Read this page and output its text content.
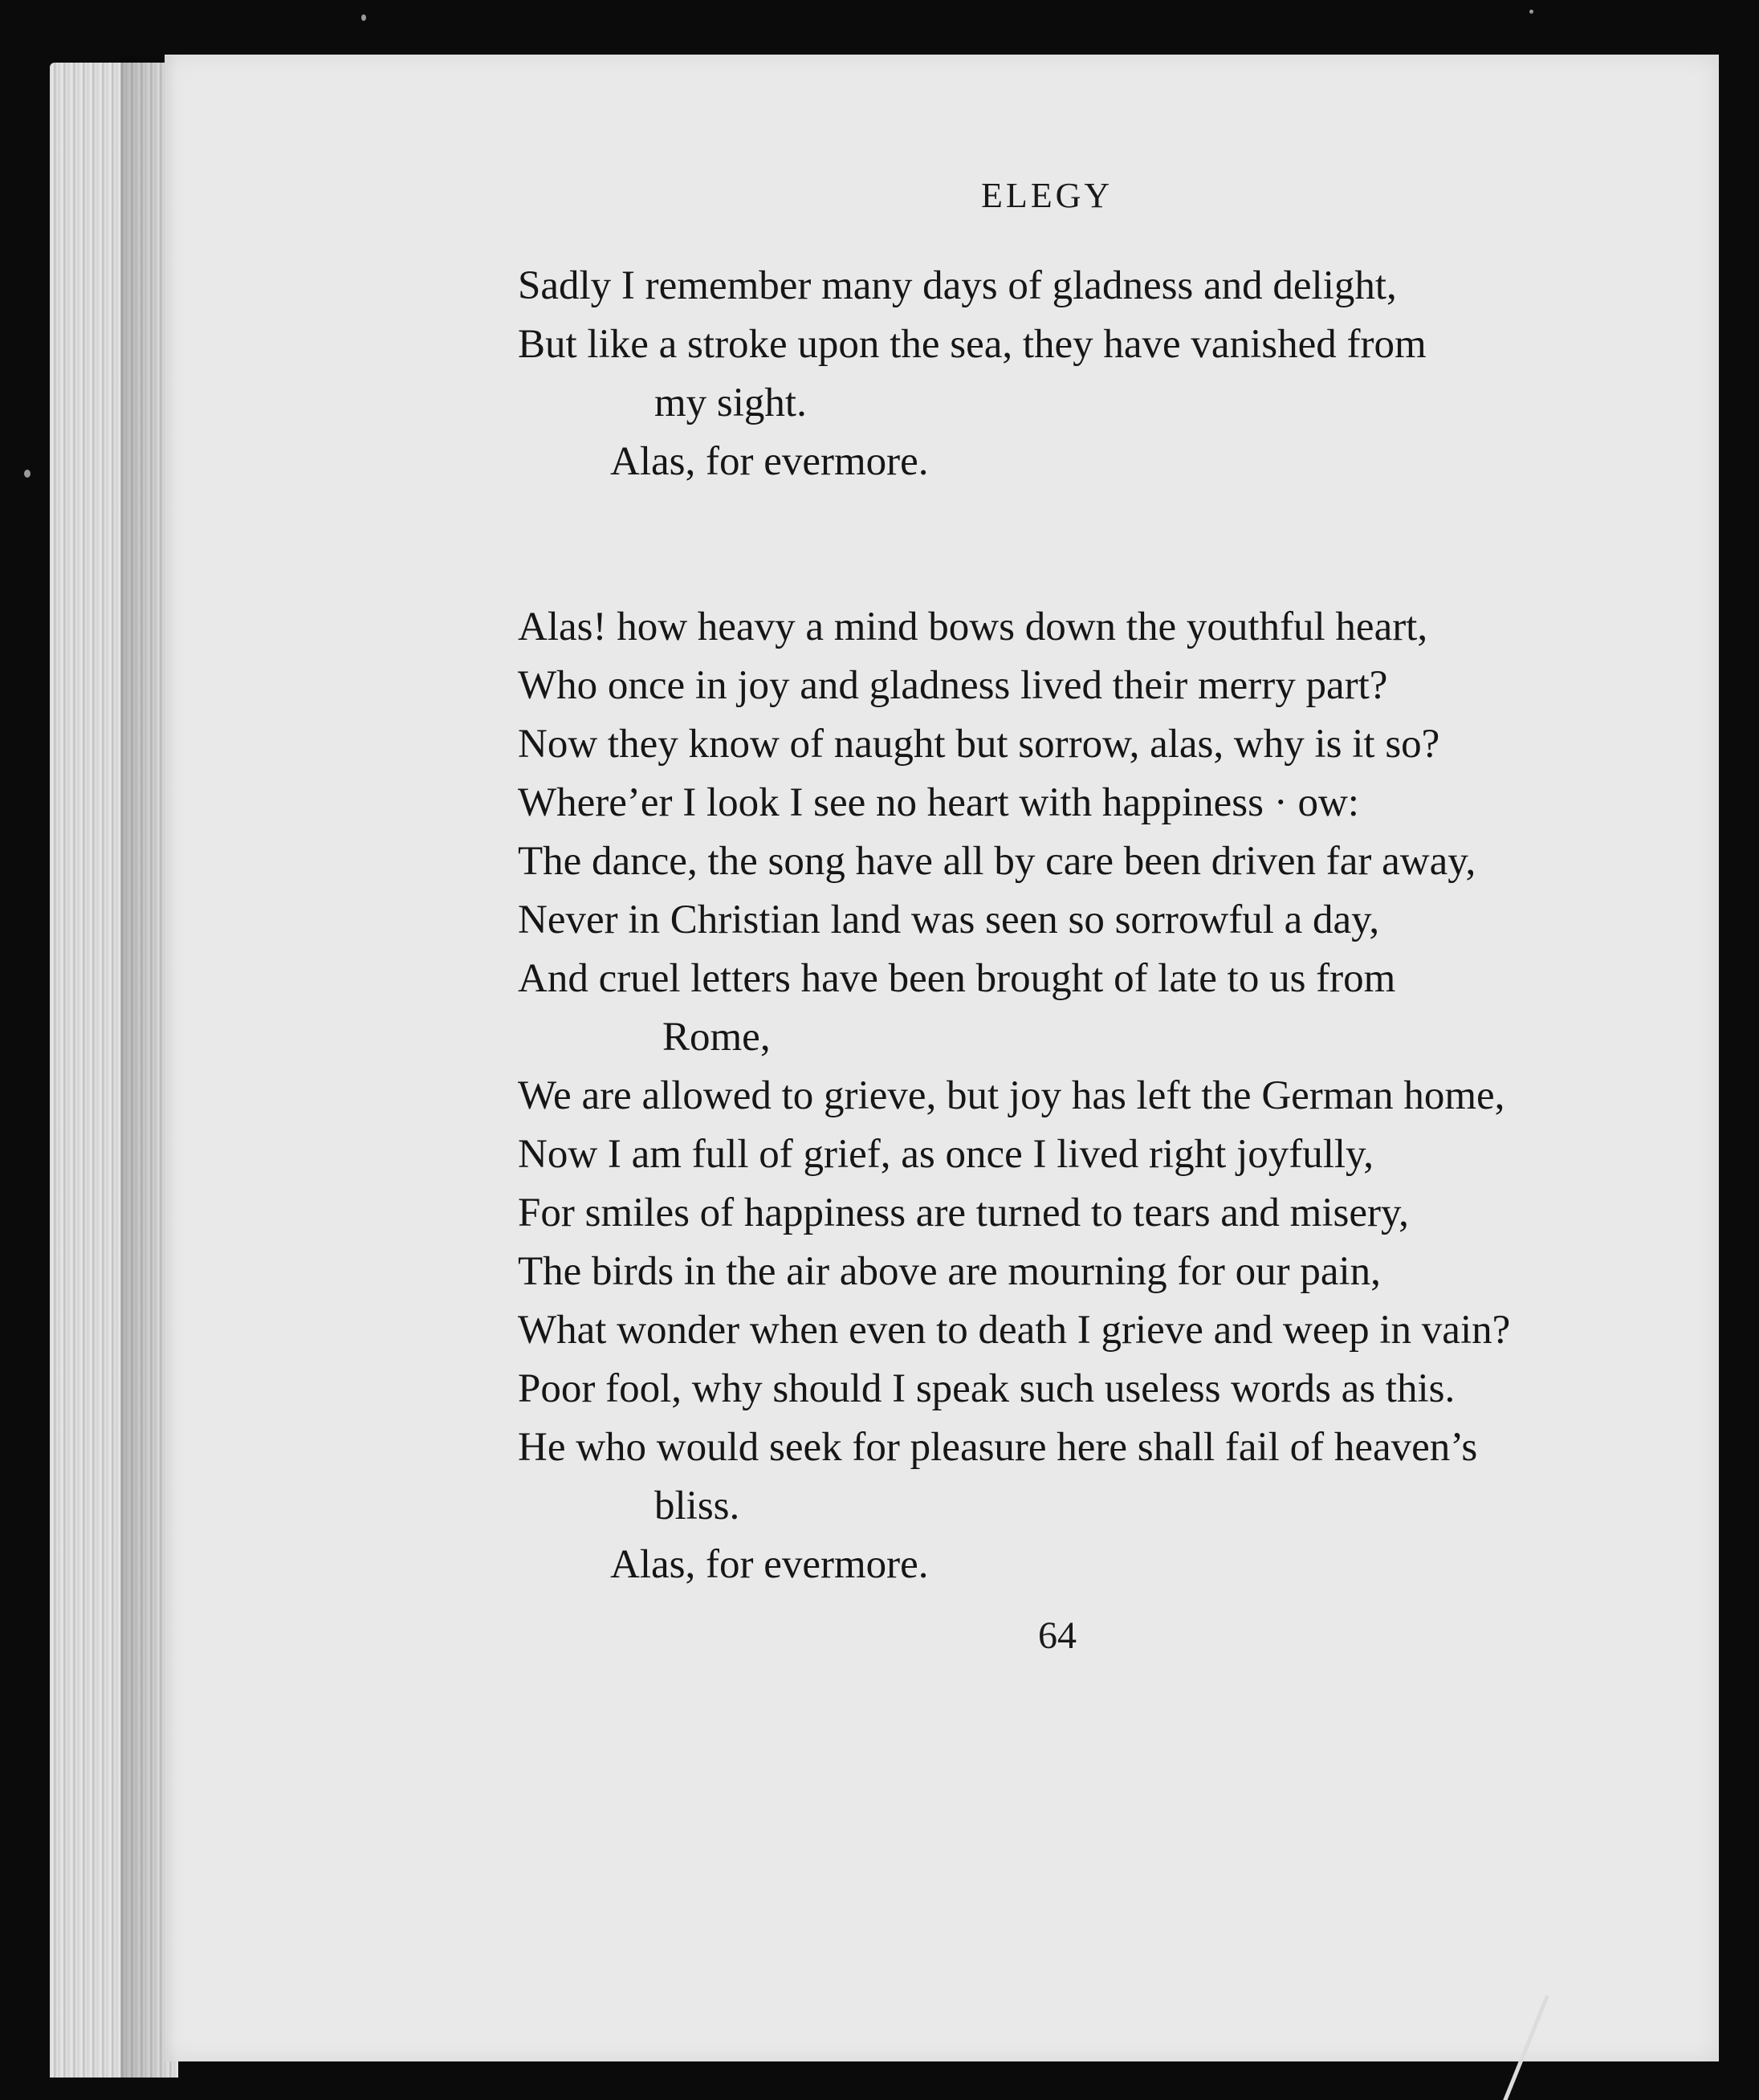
ELEGY
Sadly I remember many days of gladness and delight,
But like a stroke upon the sea, they have vanished from
my sight.
Alas, for evermore.
Alas! how heavy a mind bows down the youthful heart,
Who once in joy and gladness lived their merry part?
Now they know of naught but sorrow, alas, why is it so?
Where’er I look I see no heart with happiness · ow:
The dance, the song have all by care been driven far away,
Never in Christian land was seen so sorrowful a day,
And cruel letters have been brought of late to us from
Rome,
We are allowed to grieve, but joy has left the German home,
Now I am full of grief, as once I lived right joyfully,
For smiles of happiness are turned to tears and misery,
The birds in the air above are mourning for our pain,
What wonder when even to death I grieve and weep in vain?
Poor fool, why should I speak such useless words as this.
He who would seek for pleasure here shall fail of heaven’s
bliss.
Alas, for evermore.
64
